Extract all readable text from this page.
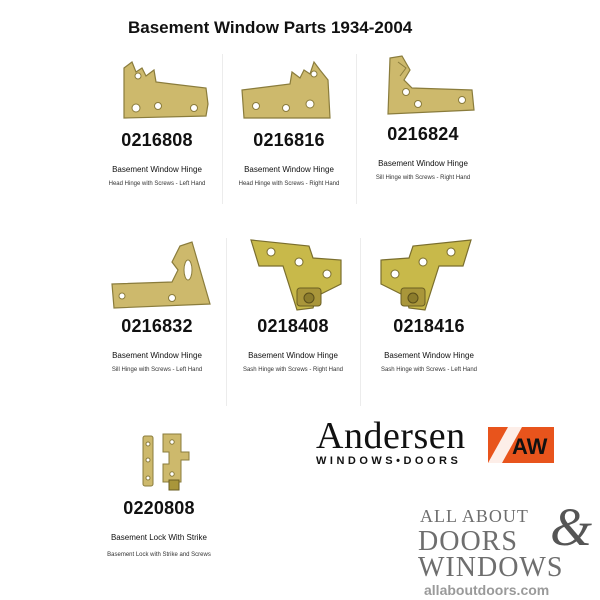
Basement Window Parts 1934-2004
0216808
Basement Window Hinge
Head Hinge with Screws - Left Hand
0216816
Basement Window Hinge
Head Hinge with Screws - Right Hand
0216824
Basement Window Hinge
Sill Hinge with Screws - Right Hand
0216832
Basement Window Hinge
Sill Hinge with Screws - Left Hand
0218408
Basement Window Hinge
Sash Hinge with Screws - Right Hand
0218416
Basement Window Hinge
Sash Hinge with Screws - Left Hand
0220808
Basement Lock With Strike
Basement Lock with Strike and Screws
Andersen
WINDOWS•DOORS
AW
ALL ABOUT
DOORS &
WINDOWS
allaboutdoors.com
